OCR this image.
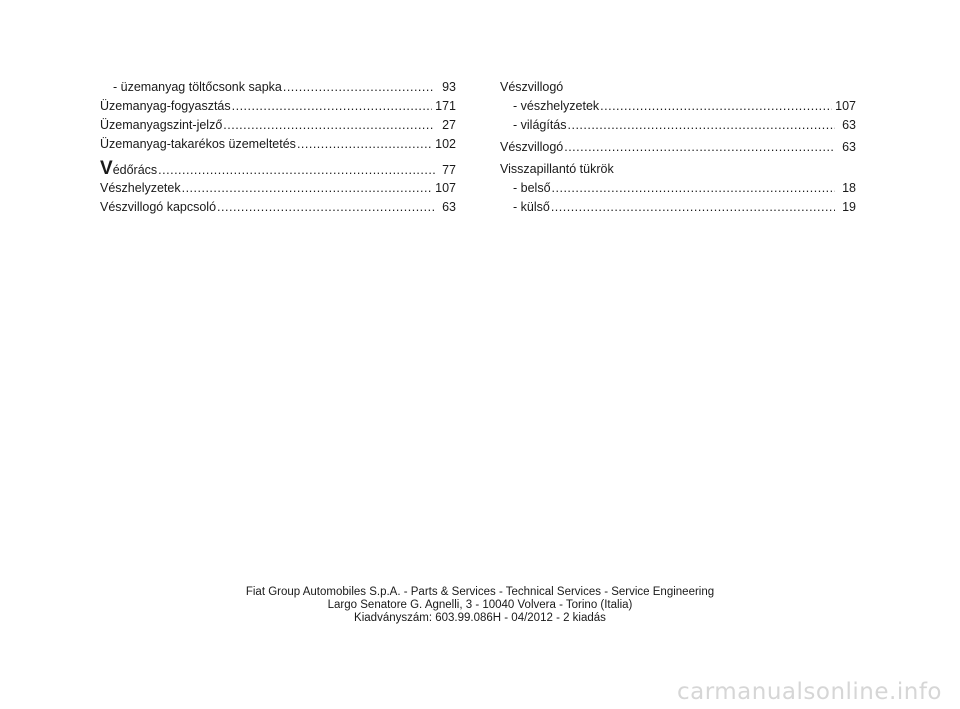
- üzemanyag töltőcsonk sapka .....	93
Üzemanyag-fogyasztás .....	171
Üzemanyagszint-jelző .....	27
Üzemanyag-takarékos üzemeltetés .....	102
Védőrács .....	77
Vészhelyzetek .....	107
Vészvillogó kapcsoló .....	63
Vészvillogó
- vészhelyzetek .....	107
- világítás .....	63
Vészvillogó .....	63
Visszapillantó tükrök
- belső .....	18
- külső .....	19
Fiat Group Automobiles S.p.A. - Parts & Services - Technical Services - Service Engineering
Largo Senatore G. Agnelli, 3 - 10040 Volvera - Torino (Italia)
Kiadványszám: 603.99.086H - 04/2012 - 2 kiadás
carmanualsonline.info
